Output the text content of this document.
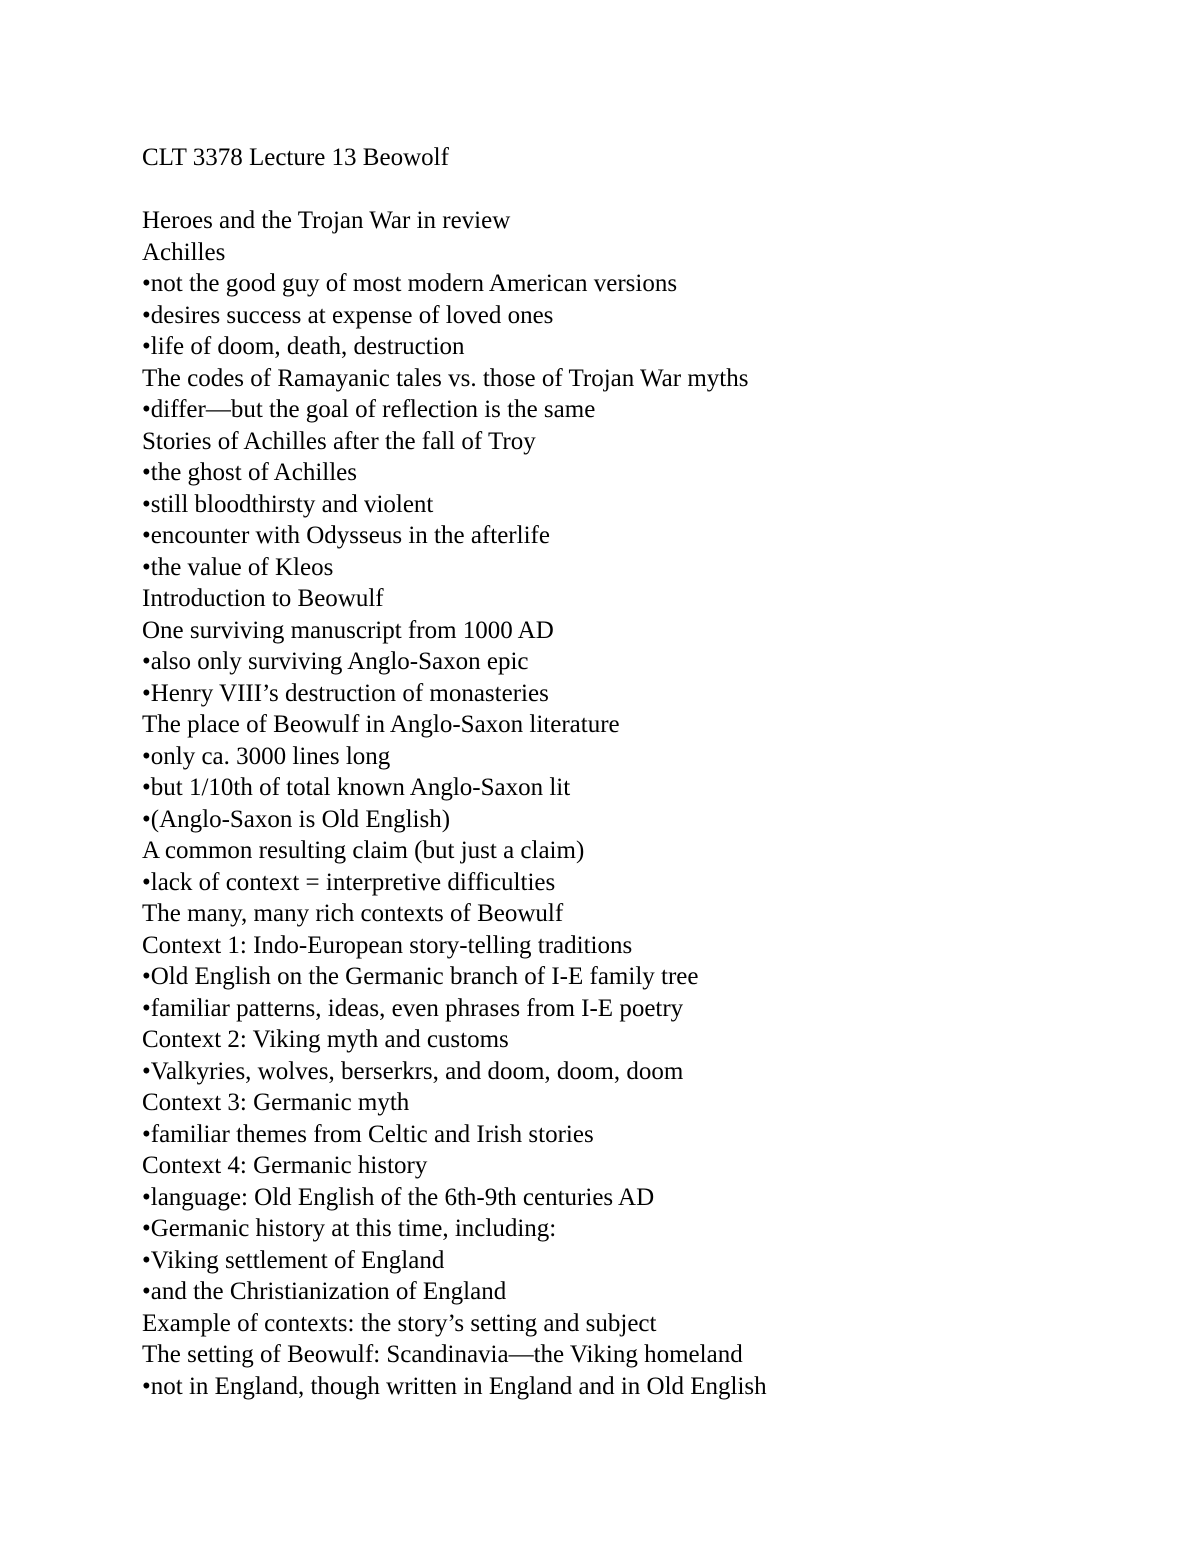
CLT 3378 Lecture 13 Beowolf
Heroes and the Trojan War in review
Achilles
•not the good guy of most modern American versions
•desires success at expense of loved ones
•life of doom, death, destruction
The codes of Ramayanic tales vs. those of Trojan War myths
•differ—but the goal of reflection is the same
Stories of Achilles after the fall of Troy
•the ghost of Achilles
•still bloodthirsty and violent
•encounter with Odysseus in the afterlife
•the value of Kleos
Introduction to Beowulf
One surviving manuscript from 1000 AD
•also only surviving Anglo-Saxon epic
•Henry VIII’s destruction of monasteries
The place of Beowulf in Anglo-Saxon literature
•only ca. 3000 lines long
•but 1/10th of total known Anglo-Saxon lit
•(Anglo-Saxon is Old English)
A common resulting claim (but just a claim)
•lack of context = interpretive difficulties
The many, many rich contexts of Beowulf
Context 1: Indo-European story-telling traditions
•Old English on the Germanic branch of I-E family tree
•familiar patterns, ideas, even phrases from I-E poetry
Context 2: Viking myth and customs
•Valkyries, wolves, berserkrs, and doom, doom, doom
Context 3: Germanic myth
•familiar themes from Celtic and Irish stories
Context 4: Germanic history
•language: Old English of the 6th-9th centuries AD
•Germanic history at this time, including:
•Viking settlement of England
•and the Christianization of England
Example of contexts: the story’s setting and subject
The setting of Beowulf: Scandinavia—the Viking homeland
•not in England, though written in England and in Old English
